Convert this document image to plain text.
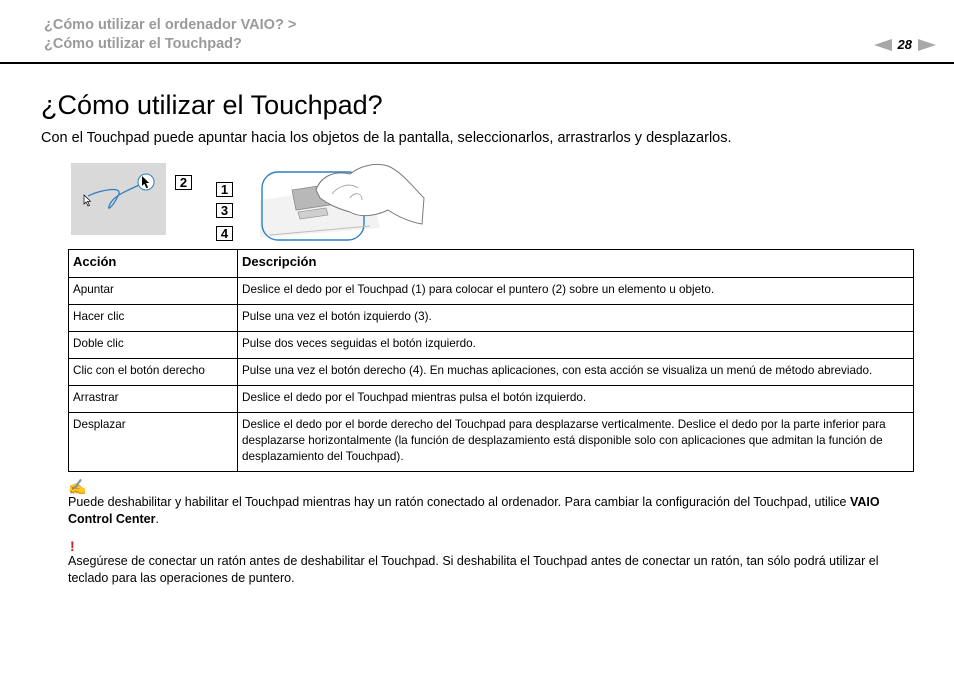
¿Cómo utilizar el ordenador VAIO? >
¿Cómo utilizar el Touchpad?	28
¿Cómo utilizar el Touchpad?
Con el Touchpad puede apuntar hacia los objetos de la pantalla, seleccionarlos, arrastrarlos y desplazarlos.
2	1
3
4
Acción	Descripción
Apuntar	Deslice el dedo por el Touchpad (1) para colocar el puntero (2) sobre un elemento u objeto.
Hacer clic	Pulse una vez el botón izquierdo (3).
Doble clic	Pulse dos veces seguidas el botón izquierdo.
Clic con el botón derecho	Pulse una vez el botón derecho (4). En muchas aplicaciones, con esta acción se visualiza un menú de método abreviado.
Arrastrar	Deslice el dedo por el Touchpad mientras pulsa el botón izquierdo.
Desplazar	Deslice el dedo por el borde derecho del Touchpad para desplazarse verticalmente. Deslice el dedo por la parte inferior para desplazarse horizontalmente (la función de desplazamiento está disponible solo con aplicaciones que admitan la función de desplazamiento del Touchpad).
✍
Puede deshabilitar y habilitar el Touchpad mientras hay un ratón conectado al ordenador. Para cambiar la configuración del Touchpad, utilice VAIO Control Center.
!
Asegúrese de conectar un ratón antes de deshabilitar el Touchpad. Si deshabilita el Touchpad antes de conectar un ratón, tan sólo podrá utilizar el teclado para las operaciones de puntero.
